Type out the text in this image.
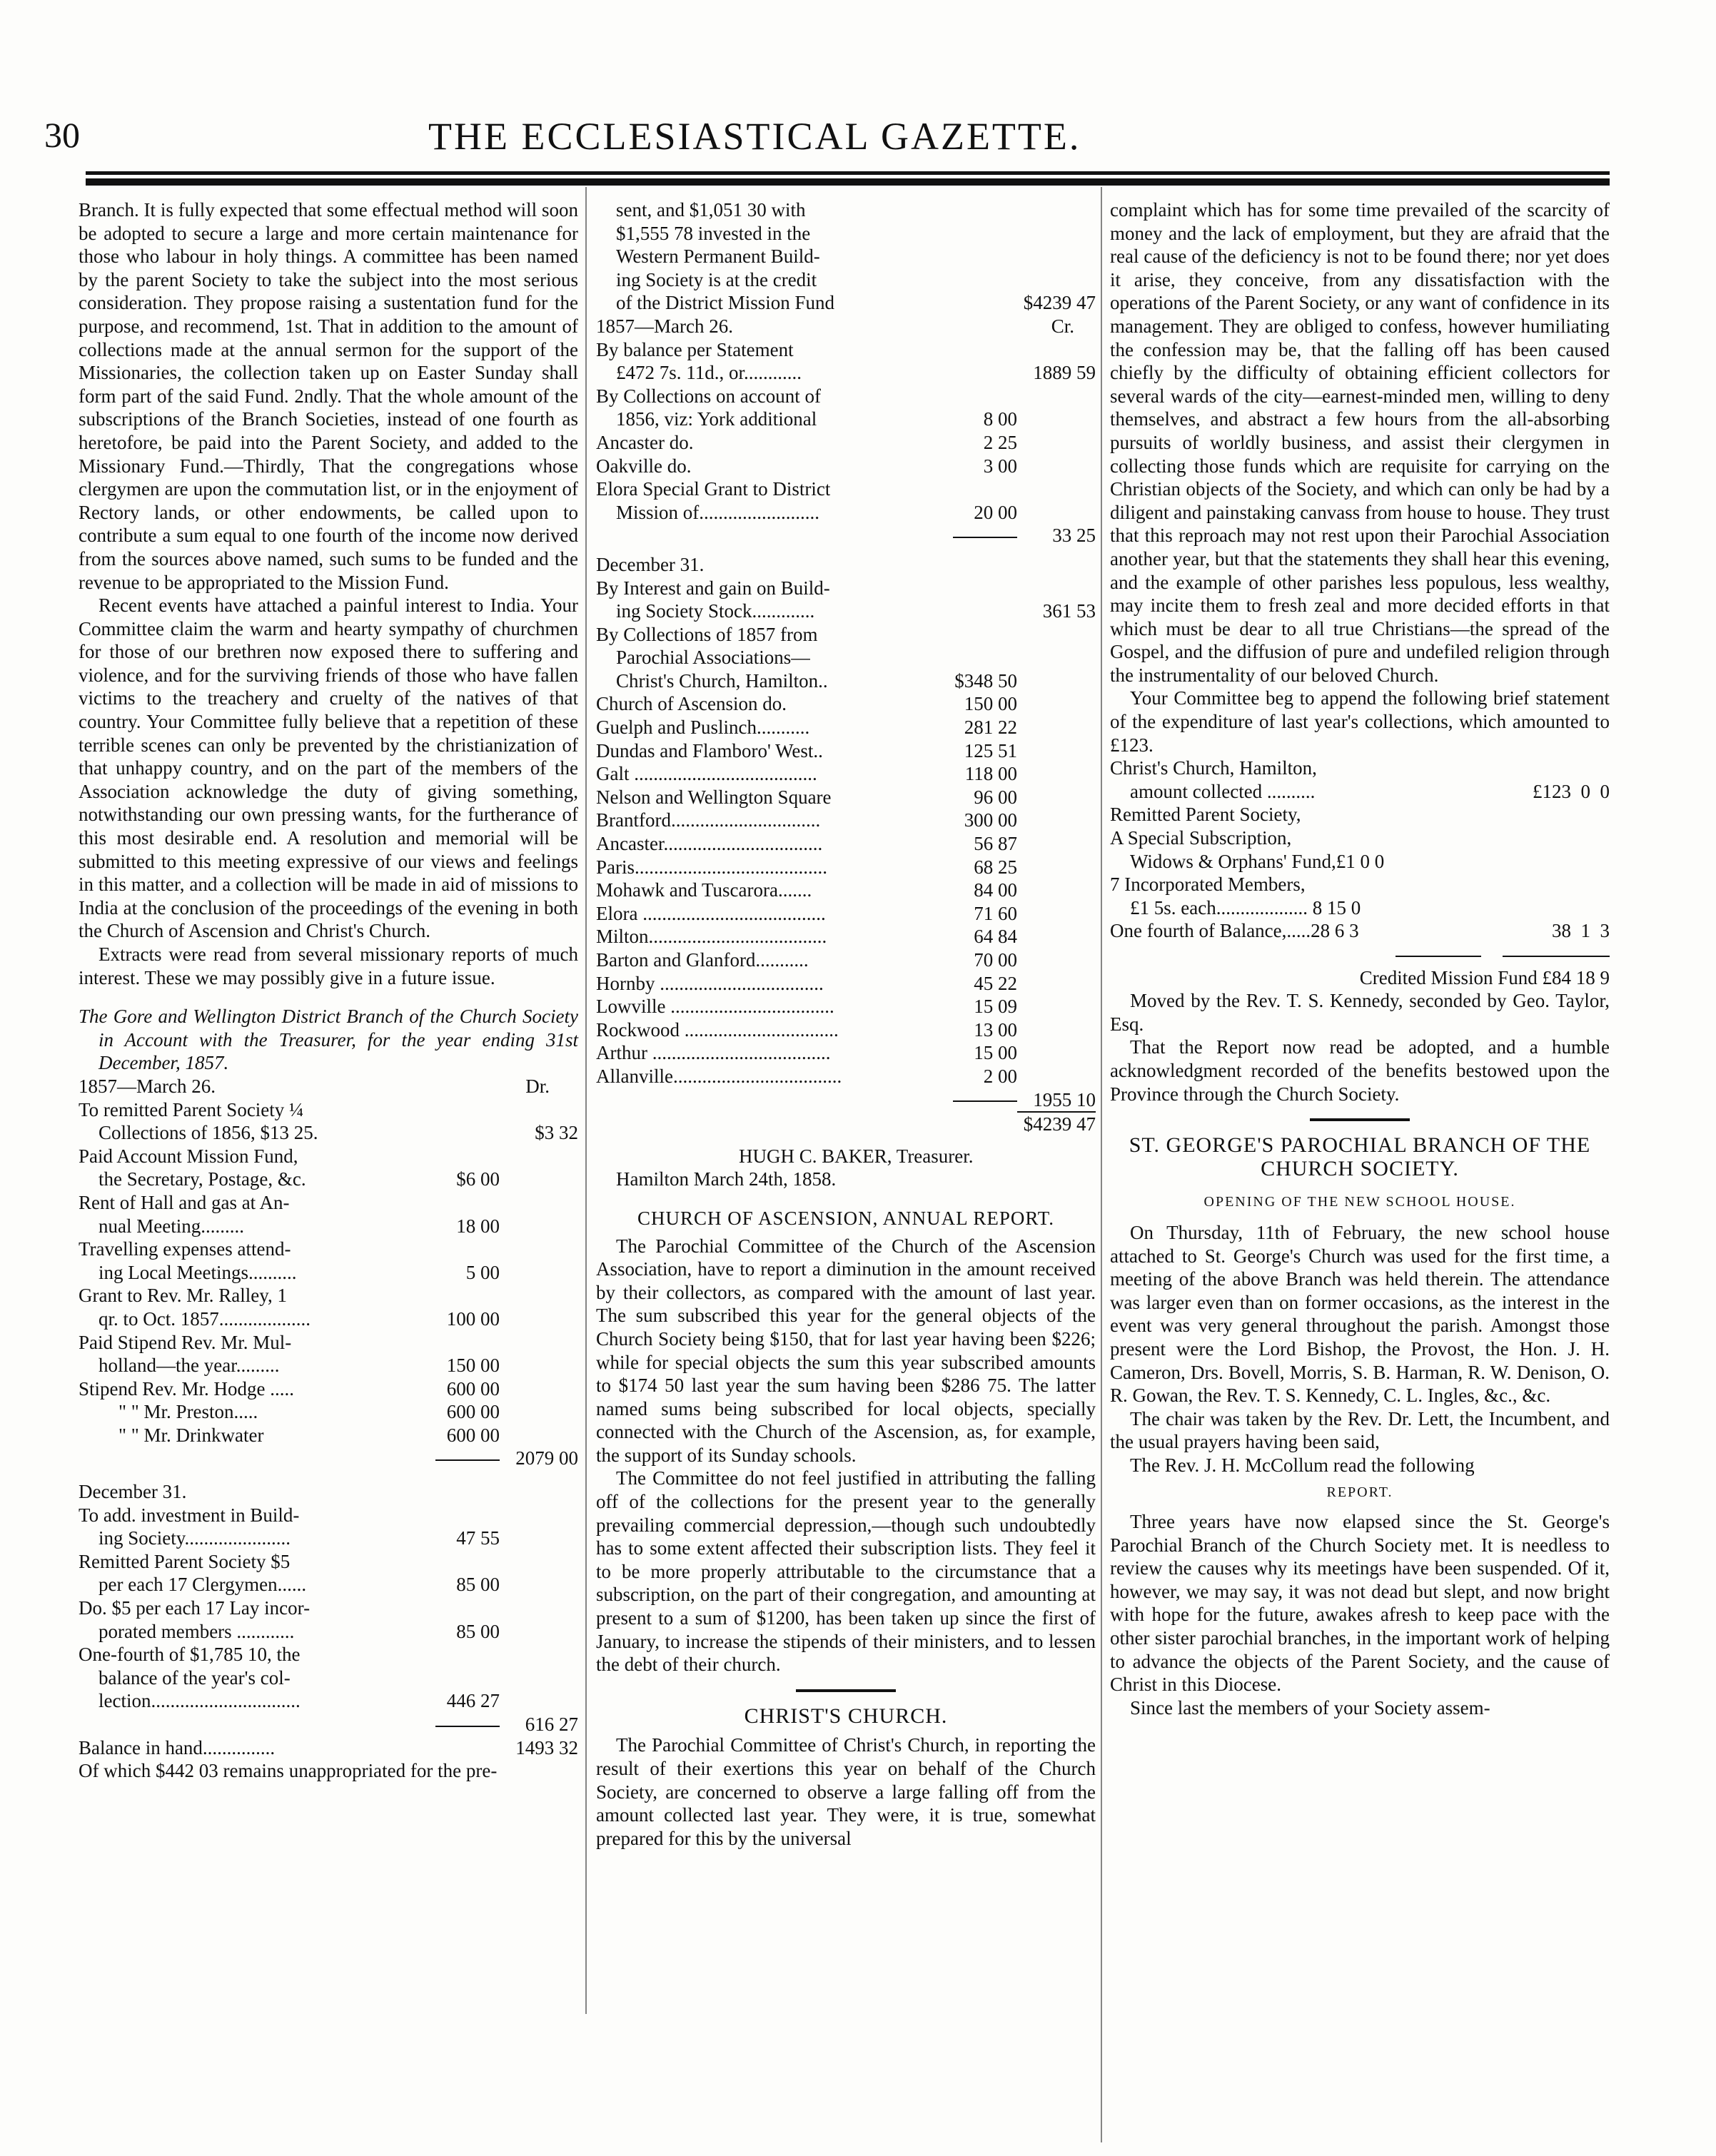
30	THE ECCLESIASTICAL GAZETTE.

Branch. It is fully expected that some effectual method will soon be adopted to secure a large and more certain maintenance for those who labour in holy things. A committee has been named by the parent Society to take the subject into the most serious consideration. They propose raising a sustentation fund for the purpose, and recommend, 1st. That in addition to the amount of collections made at the annual sermon for the support of the Missionaries, the collection taken up on Easter Sunday shall form part of the said Fund. 2ndly. That the whole amount of the subscriptions of the Branch Societies, instead of one fourth as heretofore, be paid into the Parent Society, and added to the Missionary Fund.—Thirdly, That the congregations whose clergymen are upon the commutation list, or in the enjoyment of Rectory lands, or other endowments, be called upon to contribute a sum equal to one fourth of the income now derived from the sources above named, such sums to be funded and the revenue to be appropriated to the Mission Fund.

Recent events have attached a painful interest to India. Your Committee claim the warm and hearty sympathy of churchmen for those of our brethren now exposed there to suffering and violence, and for the surviving friends of those who have fallen victims to the treachery and cruelty of the natives of that country. Your Committee fully believe that a repetition of these terrible scenes can only be prevented by the christianization of that unhappy country, and on the part of the members of the Association acknowledge the duty of giving something, notwithstanding our own pressing wants, for the furtherance of this most desirable end. A resolution and memorial will be submitted to this meeting expressive of our views and feelings in this matter, and a collection will be made in aid of missions to India at the conclusion of the proceedings of the evening in both the Church of Ascension and Christ's Church.

Extracts were read from several missionary reports of much interest. These we may possibly give in a future issue.

The Gore and Wellington District Branch of the Church Society in Account with the Treasurer, for the year ending 31st December, 1857.

1857—March 26.	Dr.
To remitted Parent Society ¼
Collections of 1856, $13 25.	$3 32
Paid Account Mission Fund,
the Secretary, Postage, &c.	$6 00
Rent of Hall and gas at An-
nual Meeting.........	18 00
Travelling expenses attend-
ing Local Meetings..........	5 00
Grant to Rev. Mr. Ralley, 1
qr. to Oct. 1857...................	100 00
Paid Stipend Rev. Mr. Mul-
holland—the year.........	150 00
Stipend Rev. Mr. Hodge .....	600 00
" " Mr. Preston.....	600 00
" " Mr. Drinkwater	600 00
2079 00
December 31.
To add. investment in Build-
ing Society......................	47 55
Remitted Parent Society $5
per each 17 Clergymen......	85 00
Do. $5 per each 17 Lay incor-
porated members ............	85 00
One-fourth of $1,785 10, the
balance of the year's col-
lection...............................	446 27
616 27
Balance in hand...............	1493 32

Of which $442 03 remains unappropriated for the pre-

sent, and $1,051 30 with
$1,555 78 invested in the
Western Permanent Build-
ing Society is at the credit
of the District Mission Fund	$4239 47
1857—March 26.	Cr.
By balance per Statement
£472 7s. 11d., or............	1889 59
By Collections on account of
1856, viz: York additional	8 00
Ancaster do.	2 25
Oakville do.	3 00
Elora Special Grant to District
Mission of.........................	20 00
33 25
December 31.
By Interest and gain on Build-
ing Society Stock.............	361 53
By Collections of 1857 from
Parochial Associations—
Christ's Church, Hamilton..	$348 50
Church of Ascension do.	150 00
Guelph and Puslinch...........	281 22
Dundas and Flamboro' West..	125 51
Galt ......................................	118 00
Nelson and Wellington Square	96 00
Brantford...............................	300 00
Ancaster.................................	56 87
Paris........................................	68 25
Mohawk and Tuscarora.......	84 00
Elora ......................................	71 60
Milton.....................................	64 84
Barton and Glanford...........	70 00
Hornby ..................................	45 22
Lowville ..................................	15 09
Rockwood ................................	13 00
Arthur .....................................	15 00
Allanville...................................	2 00
1955 10
$4239 47

HUGH C. BAKER, Treasurer.

Hamilton March 24th, 1858.

CHURCH OF ASCENSION, ANNUAL REPORT.

The Parochial Committee of the Church of the Ascension Association, have to report a diminution in the amount received by their collectors, as compared with the amount of last year. The sum subscribed this year for the general objects of the Church Society being $150, that for last year having been $226; while for special objects the sum this year subscribed amounts to $174 50 last year the sum having been $286 75. The latter named sums being subscribed for local objects, specially connected with the Church of the Ascension, as, for example, the support of its Sunday schools.

The Committee do not feel justified in attributing the falling off of the collections for the present year to the generally prevailing commercial depression,—though such undoubtedly has to some extent affected their subscription lists. They feel it to be more properly attributable to the circumstance that a subscription, on the part of their congregation, and amounting at present to a sum of $1200, has been taken up since the first of January, to increase the stipends of their ministers, and to lessen the debt of their church.

CHRIST'S CHURCH.

The Parochial Committee of Christ's Church, in reporting the result of their exertions this year on behalf of the Church Society, are concerned to observe a large falling off from the amount collected last year. They were, it is true, somewhat prepared for this by the universal

complaint which has for some time prevailed of the scarcity of money and the lack of employment, but they are afraid that the real cause of the deficiency is not to be found there; nor yet does it arise, they conceive, from any dissatisfaction with the operations of the Parent Society, or any want of confidence in its management. They are obliged to confess, however humiliating the confession may be, that the falling off has been caused chiefly by the difficulty of obtaining efficient collectors for several wards of the city—earnest-minded men, willing to deny themselves, and abstract a few hours from the all-absorbing pursuits of worldly business, and assist their clergymen in collecting those funds which are requisite for carrying on the Christian objects of the Society, and which can only be had by a diligent and painstaking canvass from house to house. They trust that this reproach may not rest upon their Parochial Association another year, but that the statements they shall hear this evening, and the example of other parishes less populous, less wealthy, may incite them to fresh zeal and more decided efforts in that which must be dear to all true Christians—the spread of the Gospel, and the diffusion of pure and undefiled religion through the instrumentality of our beloved Church.

Your Committee beg to append the following brief statement of the expenditure of last year's collections, which amounted to £123.

Christ's Church, Hamilton,
amount collected ..........	£123  0  0
Remitted Parent Society,
A Special Subscription,
Widows & Orphans' Fund,£1 0 0
7 Incorporated Members,
£1 5s. each................... 8 15 0
One fourth of Balance,.....28 6 3	38  1  3

Credited Mission Fund £84 18 9

Moved by the Rev. T. S. Kennedy, seconded by Geo. Taylor, Esq.

That the Report now read be adopted, and a humble acknowledgment recorded of the benefits bestowed upon the Province through the Church Society.

ST. GEORGE'S PAROCHIAL BRANCH OF THE CHURCH SOCIETY.

OPENING OF THE NEW SCHOOL HOUSE.

On Thursday, 11th of February, the new school house attached to St. George's Church was used for the first time, a meeting of the above Branch was held therein. The attendance was larger even than on former occasions, as the interest in the event was very general throughout the parish. Amongst those present were the Lord Bishop, the Provost, the Hon. J. H. Cameron, Drs. Bovell, Morris, S. B. Harman, R. W. Denison, O. R. Gowan, the Rev. T. S. Kennedy, C. L. Ingles, &c., &c.

The chair was taken by the Rev. Dr. Lett, the Incumbent, and the usual prayers having been said,

The Rev. J. H. McCollum read the following

REPORT.

Three years have now elapsed since the St. George's Parochial Branch of the Church Society met. It is needless to review the causes why its meetings have been suspended. Of it, however, we may say, it was not dead but slept, and now bright with hope for the future, awakes afresh to keep pace with the other sister parochial branches, in the important work of helping to advance the objects of the Parent Society, and the cause of Christ in this Diocese.

Since last the members of your Society assem-
